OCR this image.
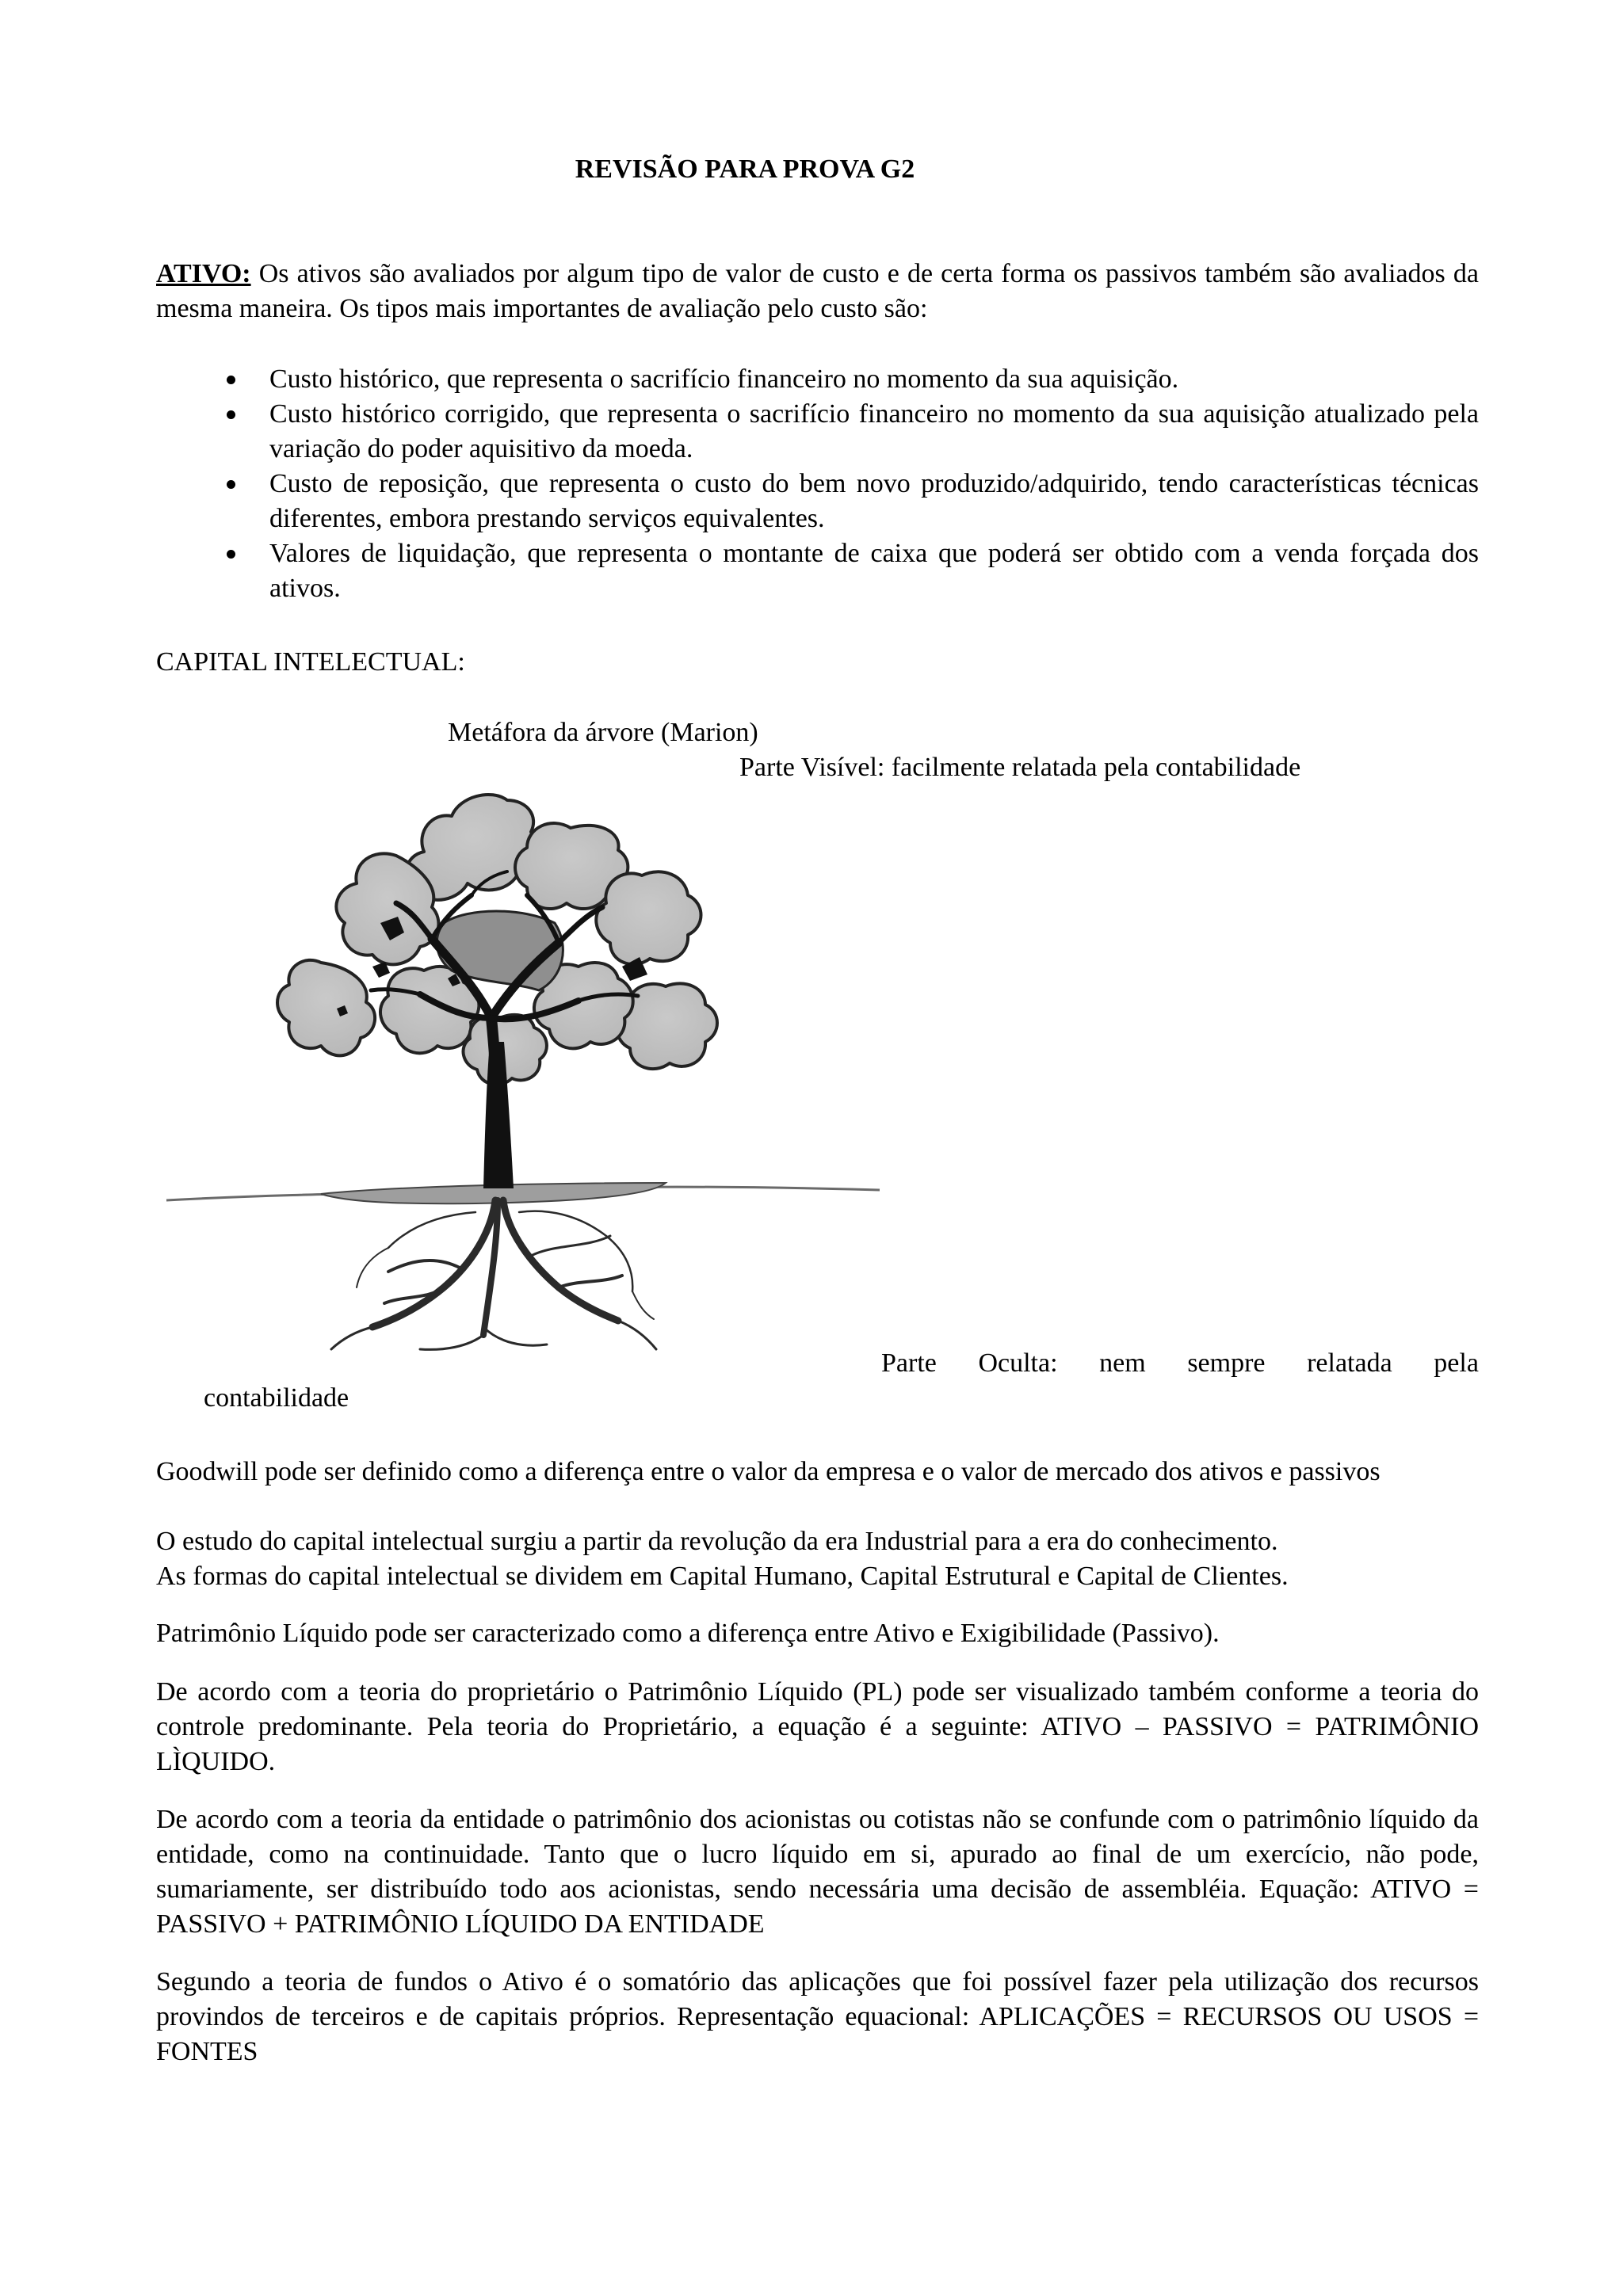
REVISÃO PARA PROVA G2
ATIVO: Os ativos são avaliados por algum tipo de valor de custo e de certa forma os passivos também são avaliados da mesma maneira. Os tipos mais importantes de avaliação pelo custo são:
Custo histórico, que representa o sacrifício financeiro no momento da sua aquisição.
Custo histórico corrigido, que representa o sacrifício financeiro no momento da sua aquisição atualizado pela variação do poder aquisitivo da moeda.
Custo de reposição, que representa o custo do bem novo produzido/adquirido, tendo características técnicas diferentes, embora prestando serviços equivalentes.
Valores de liquidação, que representa o montante de caixa que poderá ser obtido com a venda forçada dos ativos.
CAPITAL INTELECTUAL:
Metáfora da árvore (Marion)
Parte Visível: facilmente relatada pela contabilidade
Parte Oculta: nem sempre relatada pela
contabilidade
Goodwill pode ser definido como a diferença entre o valor da empresa e o valor de mercado dos ativos e passivos
O estudo do capital intelectual surgiu a partir da revolução da era Industrial para a era do conhecimento.
As formas do capital intelectual se dividem em Capital Humano, Capital Estrutural e Capital de Clientes.
Patrimônio Líquido pode ser caracterizado como a diferença entre Ativo e Exigibilidade (Passivo).
De acordo com a teoria do proprietário o Patrimônio Líquido (PL) pode ser visualizado também conforme a teoria do controle predominante. Pela teoria do Proprietário, a equação é a seguinte: ATIVO – PASSIVO = PATRIMÔNIO LÌQUIDO.
De acordo com a teoria da entidade o patrimônio dos acionistas ou cotistas não se confunde com o patrimônio líquido da entidade, como na continuidade. Tanto que o lucro líquido em si, apurado ao final de um exercício, não pode, sumariamente, ser distribuído todo aos acionistas, sendo necessária uma decisão de assembléia. Equação: ATIVO = PASSIVO + PATRIMÔNIO LÍQUIDO DA ENTIDADE
Segundo a teoria de fundos o Ativo é o somatório das aplicações que foi possível fazer pela utilização dos recursos provindos de terceiros e de capitais próprios. Representação equacional: APLICAÇÕES = RECURSOS OU USOS = FONTES
